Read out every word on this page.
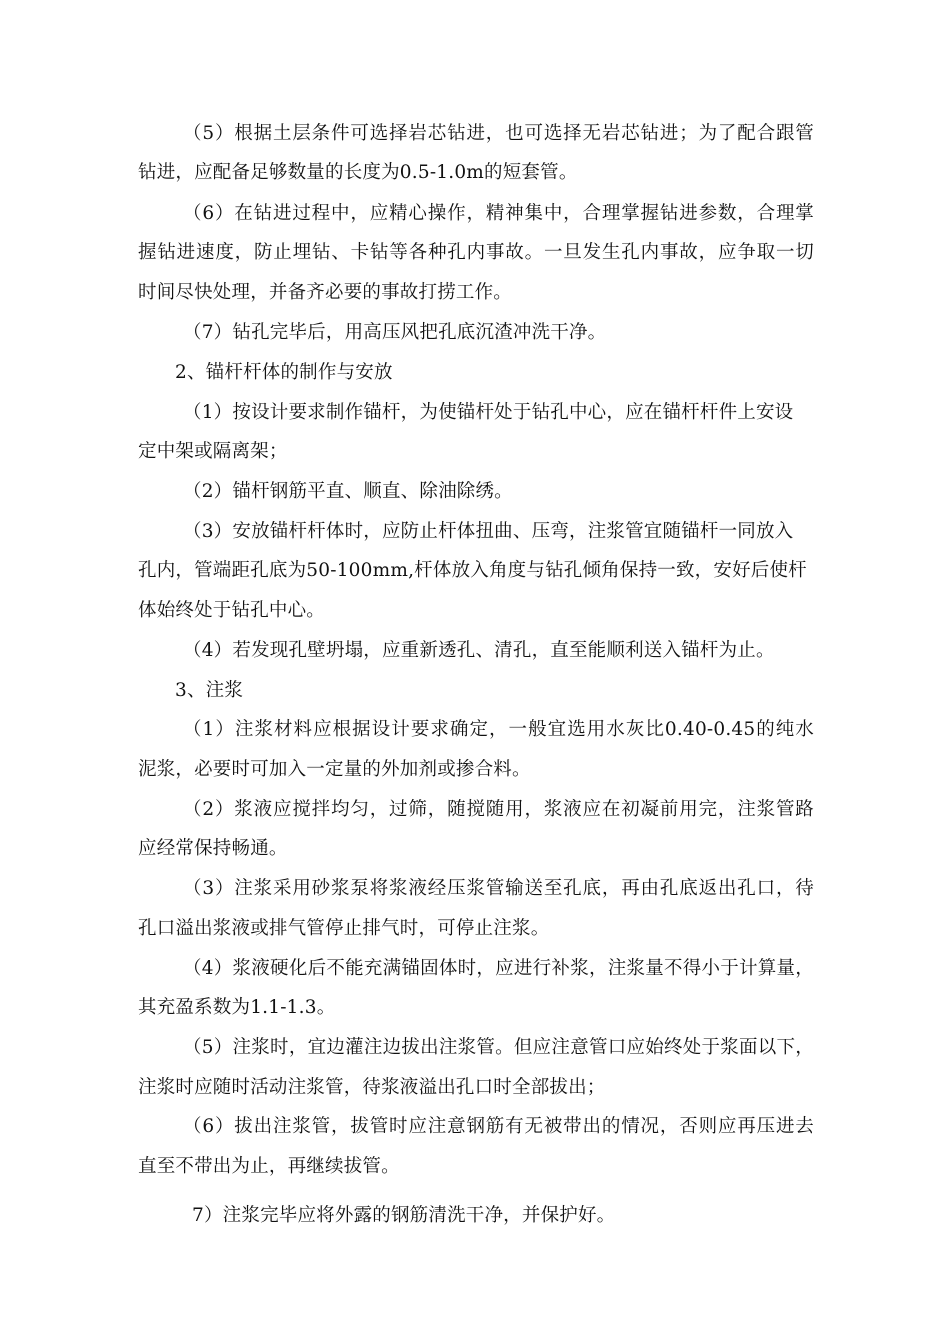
（5）根据土层条件可选择岩芯钻进，也可选择无岩芯钻进；为了配合跟管
钻进，应配备足够数量的长度为0.5-1.0m的短套管。
（6）在钻进过程中，应精心操作，精神集中，合理掌握钻进参数，合理掌
握钻进速度，防止埋钻、卡钻等各种孔内事故。一旦发生孔内事故，应争取一切
时间尽快处理，并备齐必要的事故打捞工作。
（7）钻孔完毕后，用高压风把孔底沉渣冲洗干净。
2、锚杆杆体的制作与安放
（1）按设计要求制作锚杆，为使锚杆处于钻孔中心，应在锚杆杆件上安设
定中架或隔离架；
（2）锚杆钢筋平直、顺直、除油除绣。
（3）安放锚杆杆体时，应防止杆体扭曲、压弯，注浆管宜随锚杆一同放入
孔内，管端距孔底为50-100mm,杆体放入角度与钻孔倾角保持一致，安好后使杆
体始终处于钻孔中心。
（4）若发现孔壁坍塌，应重新透孔、清孔，直至能顺利送入锚杆为止。
3、注浆
（1）注浆材料应根据设计要求确定，一般宜选用水灰比0.40-0.45的纯水
泥浆，必要时可加入一定量的外加剂或掺合料。
（2）浆液应搅拌均匀，过筛，随搅随用，浆液应在初凝前用完，注浆管路
应经常保持畅通。
（3）注浆采用砂浆泵将浆液经压浆管输送至孔底，再由孔底返出孔口，待
孔口溢出浆液或排气管停止排气时，可停止注浆。
（4）浆液硬化后不能充满锚固体时，应进行补浆，注浆量不得小于计算量，
其充盈系数为1.1-1.3。
（5）注浆时，宜边灌注边拔出注浆管。但应注意管口应始终处于浆面以下，
注浆时应随时活动注浆管，待浆液溢出孔口时全部拔出；
（6）拔出注浆管，拔管时应注意钢筋有无被带出的情况，否则应再压进去
直至不带出为止，再继续拔管。
7）注浆完毕应将外露的钢筋清洗干净，并保护好。
